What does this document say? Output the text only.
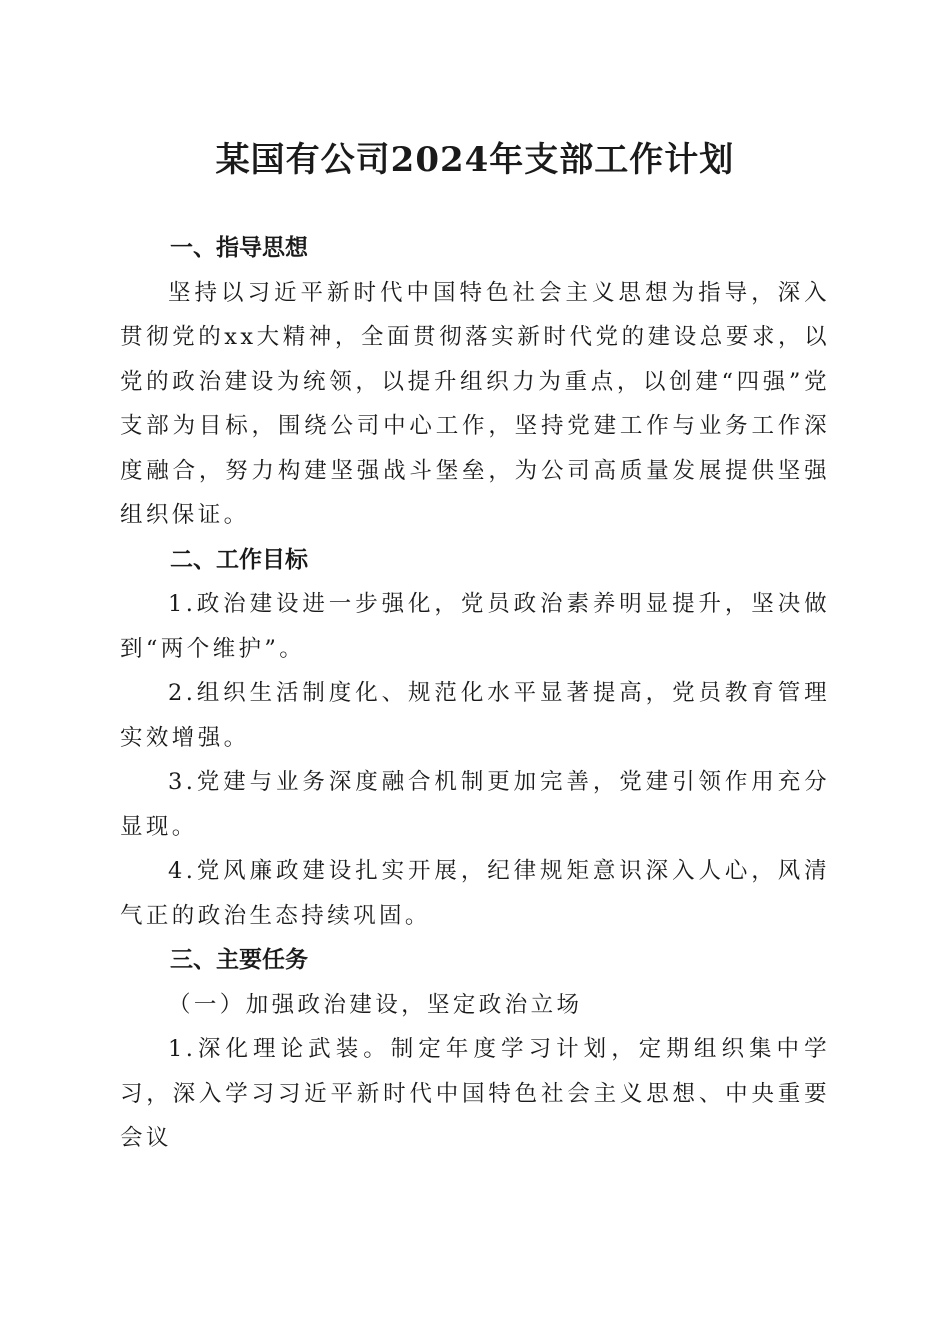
某国有公司2024年支部工作计划

一、指导思想

坚持以习近平新时代中国特色社会主义思想为指导，深入贯彻党的xx大精神，全面贯彻落实新时代党的建设总要求，以党的政治建设为统领，以提升组织力为重点，以创建“四强”党支部为目标，围绕公司中心工作，坚持党建工作与业务工作深度融合，努力构建坚强战斗堡垒，为公司高质量发展提供坚强组织保证。

二、工作目标

1.政治建设进一步强化，党员政治素养明显提升，坚决做到“两个维护”。

2.组织生活制度化、规范化水平显著提高，党员教育管理实效增强。

3.党建与业务深度融合机制更加完善，党建引领作用充分显现。

4.党风廉政建设扎实开展，纪律规矩意识深入人心，风清气正的政治生态持续巩固。

三、主要任务

（一）加强政治建设，坚定政治立场

1.深化理论武装。制定年度学习计划，定期组织集中学习，深入学习习近平新时代中国特色社会主义思想、中央重要会议
